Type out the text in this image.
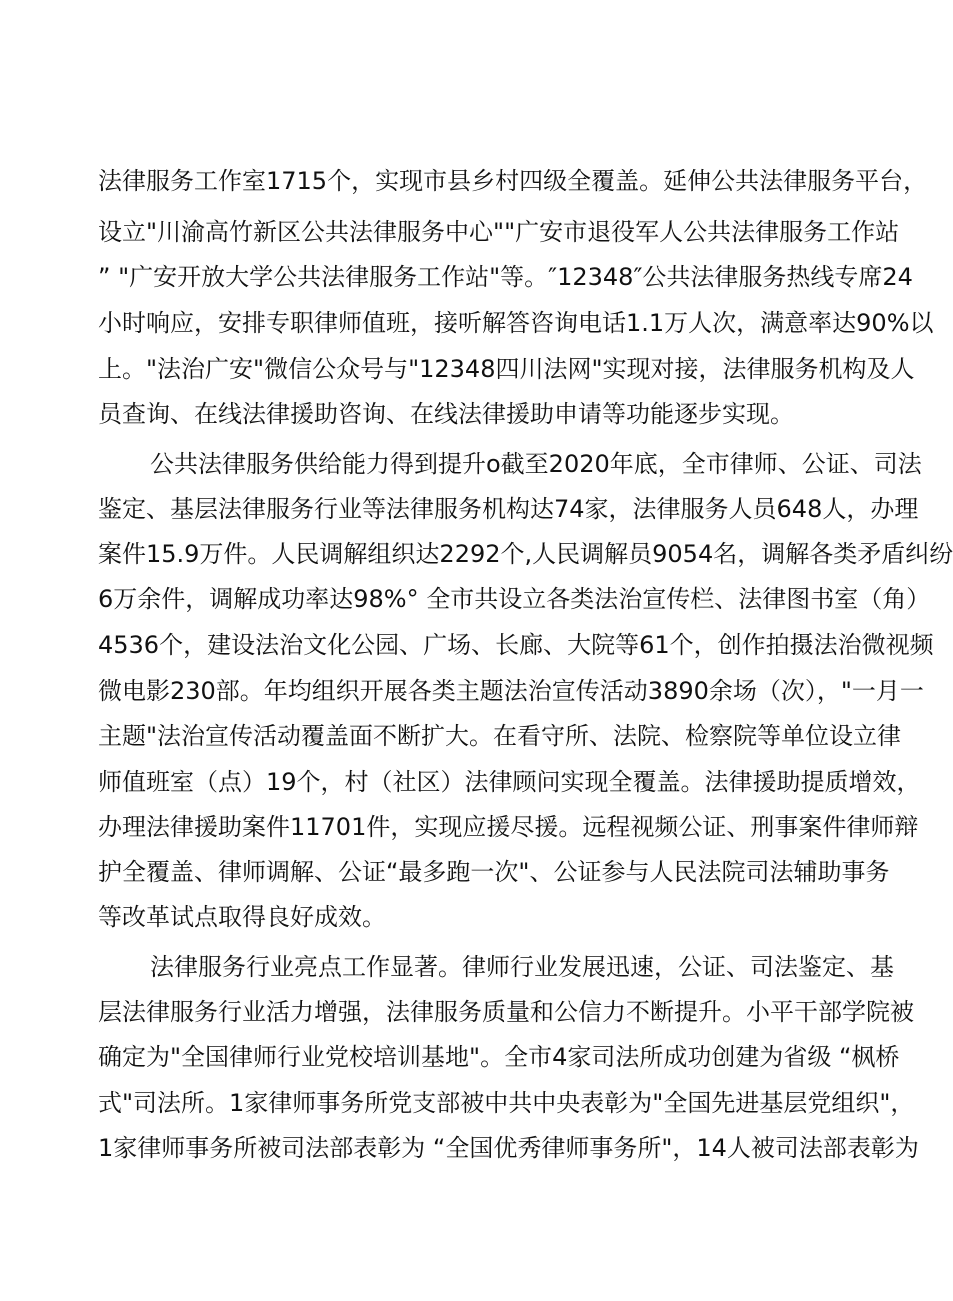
法律服务工作室1715个，实现市县乡村四级全覆盖。延伸公共法律服务平台，
设立"川渝高竹新区公共法律服务中心""广安市退役军人公共法律服务工作站
” "广安开放大学公共法律服务工作站"等。″12348″公共法律服务热线专席24
小时响应，安排专职律师值班，接听解答咨询电话1.1万人次，满意率达90%以
上。"法治广安"微信公众号与"12348四川法网"实现对接，法律服务机构及人
员查询、在线法律援助咨询、在线法律援助申请等功能逐步实现。
公共法律服务供给能力得到提升o截至2020年底，全市律师、公证、司法
鉴定、基层法律服务行业等法律服务机构达74家，法律服务人员648人，办理
案件15.9万件。人民调解组织达2292个,人民调解员9054名，调解各类矛盾纠纷
6万余件，调解成功率达98%° 全市共设立各类法治宣传栏、法律图书室（角）
4536个，建设法治文化公园、广场、长廊、大院等61个，创作拍摄法治微视频
微电影230部。年均组织开展各类主题法治宣传活动3890余场（次），"一月一
主题"法治宣传活动覆盖面不断扩大。在看守所、法院、检察院等单位设立律
师值班室（点）19个，村（社区）法律顾问实现全覆盖。法律援助提质增效，
办理法律援助案件11701件，实现应援尽援。远程视频公证、刑事案件律师辩
护全覆盖、律师调解、公证“最多跑一次"、公证参与人民法院司法辅助事务
等改革试点取得良好成效。
法律服务行业亮点工作显著。律师行业发展迅速，公证、司法鉴定、基
层法律服务行业活力增强，法律服务质量和公信力不断提升。小平干部学院被
确定为"全国律师行业党校培训基地"。全市4家司法所成功创建为省级 “枫桥
式"司法所。1家律师事务所党支部被中共中央表彰为"全国先进基层党组织"，
1家律师事务所被司法部表彰为 “全国优秀律师事务所"，14人被司法部表彰为
